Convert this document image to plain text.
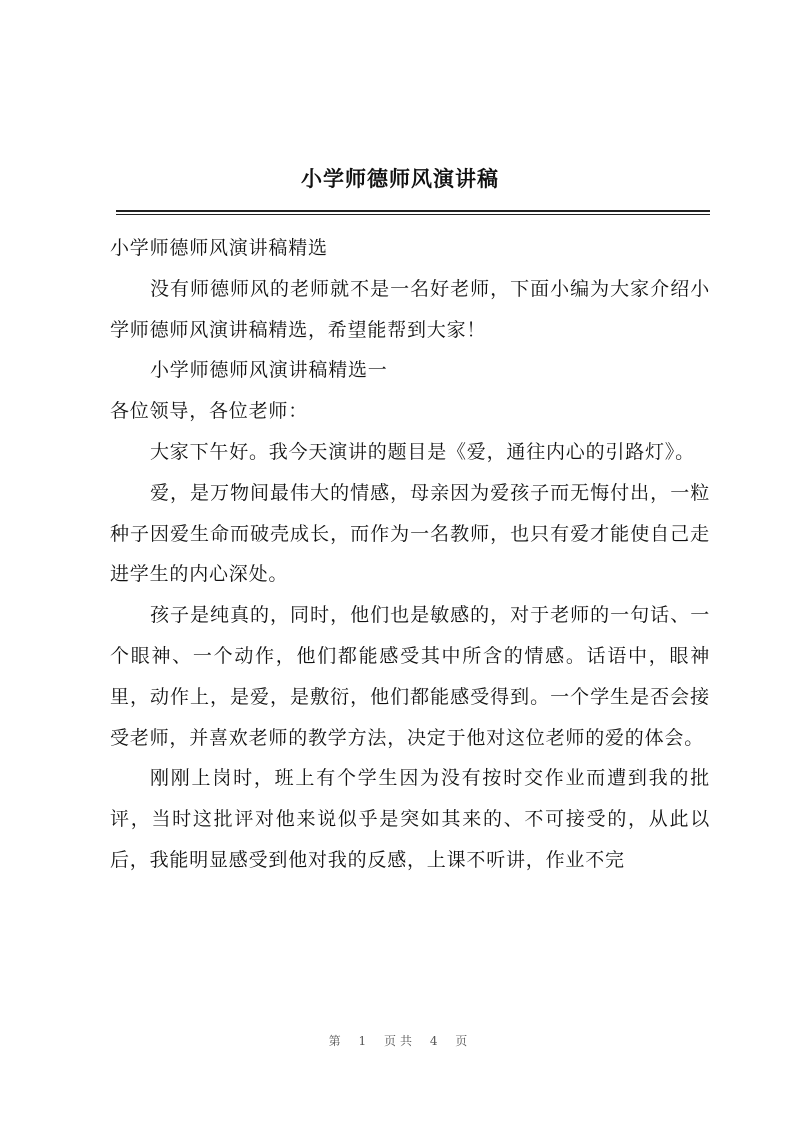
小学师德师风演讲稿

小学师德师风演讲稿精选

没有师德师风的老师就不是一名好老师，下面小编为大家介绍小学师德师风演讲稿精选，希望能帮到大家！

小学师德师风演讲稿精选一

各位领导，各位老师：

大家下午好。我今天演讲的题目是《爱，通往内心的引路灯》。

爱，是万物间最伟大的情感，母亲因为爱孩子而无悔付出，一粒种子因爱生命而破壳成长，而作为一名教师，也只有爱才能使自己走进学生的内心深处。

孩子是纯真的，同时，他们也是敏感的，对于老师的一句话、一个眼神、一个动作，他们都能感受其中所含的情感。话语中，眼神里，动作上，是爱，是敷衍，他们都能感受得到。一个学生是否会接受老师，并喜欢老师的教学方法，决定于他对这位老师的爱的体会。

刚刚上岗时，班上有个学生因为没有按时交作业而遭到我的批评，当时这批评对他来说似乎是突如其来的、不可接受的，从此以后，我能明显感受到他对我的反感，上课不听讲，作业不完

第 1 页共 4 页
